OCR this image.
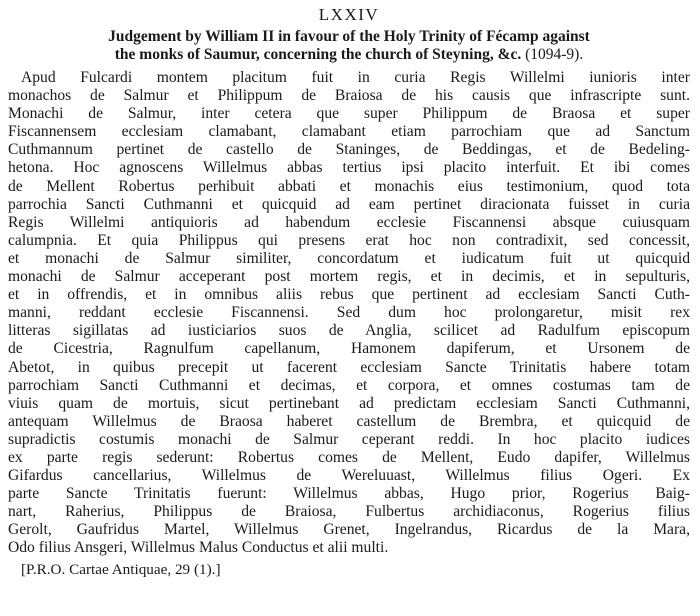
LXXIV
Judgement by William II in favour of the Holy Trinity of Fécamp against
the monks of Saumur, concerning the church of Steyning, &c. (1094-9).
Apud Fulcardi montem placitum fuit in curia Regis Willelmi iunioris inter
monachos de Salmur et Philippum de Braiosa de his causis que infrascripte sunt.
Monachi de Salmur, inter cetera que super Philippum de Braosa et super
Fiscannensem ecclesiam clamabant, clamabant etiam parrochiam que ad Sanctum
Cuthmannum pertinet de castello de Staninges, de Beddingas, et de Bedeling-
hetona. Hoc agnoscens Willelmus abbas tertius ipsi placito interfuit. Et ibi comes
de Mellent Robertus perhibuit abbati et monachis eius testimonium, quod tota
parrochia Sancti Cuthmanni et quicquid ad eam pertinet diracionata fuisset in curia
Regis Willelmi antiquioris ad habendum ecclesie Fiscannensi absque cuiusquam
calumpnia. Et quia Philippus qui presens erat hoc non contradixit, sed concessit,
et monachi de Salmur similiter, concordatum et iudicatum fuit ut quicquid
monachi de Salmur acceperant post mortem regis, et in decimis, et in sepulturis,
et in offrendis, et in omnibus aliis rebus que pertinent ad ecclesiam Sancti Cuth-
manni, reddant ecclesie Fiscannensi. Sed dum hoc prolongaretur, misit rex
litteras sigillatas ad iusticiarios suos de Anglia, scilicet ad Radulfum episcopum
de Cicestria, Ragnulfum capellanum, Hamonem dapiferum, et Ursonem de
Abetot, in quibus precepit ut facerent ecclesiam Sancte Trinitatis habere totam
parrochiam Sancti Cuthmanni et decimas, et corpora, et omnes costumas tam de
viuis quam de mortuis, sicut pertinebant ad predictam ecclesiam Sancti Cuthmanni,
antequam Willelmus de Braosa haberet castellum de Brembra, et quicquid de
supradictis costumis monachi de Salmur ceperant reddi. In hoc placito iudices
ex parte regis sederunt: Robertus comes de Mellent, Eudo dapifer, Willelmus
Gifardus cancellarius, Willelmus de Wereluuast, Willelmus filius Ogeri. Ex
parte Sancte Trinitatis fuerunt: Willelmus abbas, Hugo prior, Rogerius Baig-
nart, Raherius, Philippus de Braiosa, Fulbertus archidiaconus, Rogerius filius
Gerolt, Gaufridus Martel, Willelmus Grenet, Ingelrandus, Ricardus de la Mara,
Odo filius Ansgeri, Willelmus Malus Conductus et alii multi.
[P.R.O. Cartae Antiquae, 29 (1).]
